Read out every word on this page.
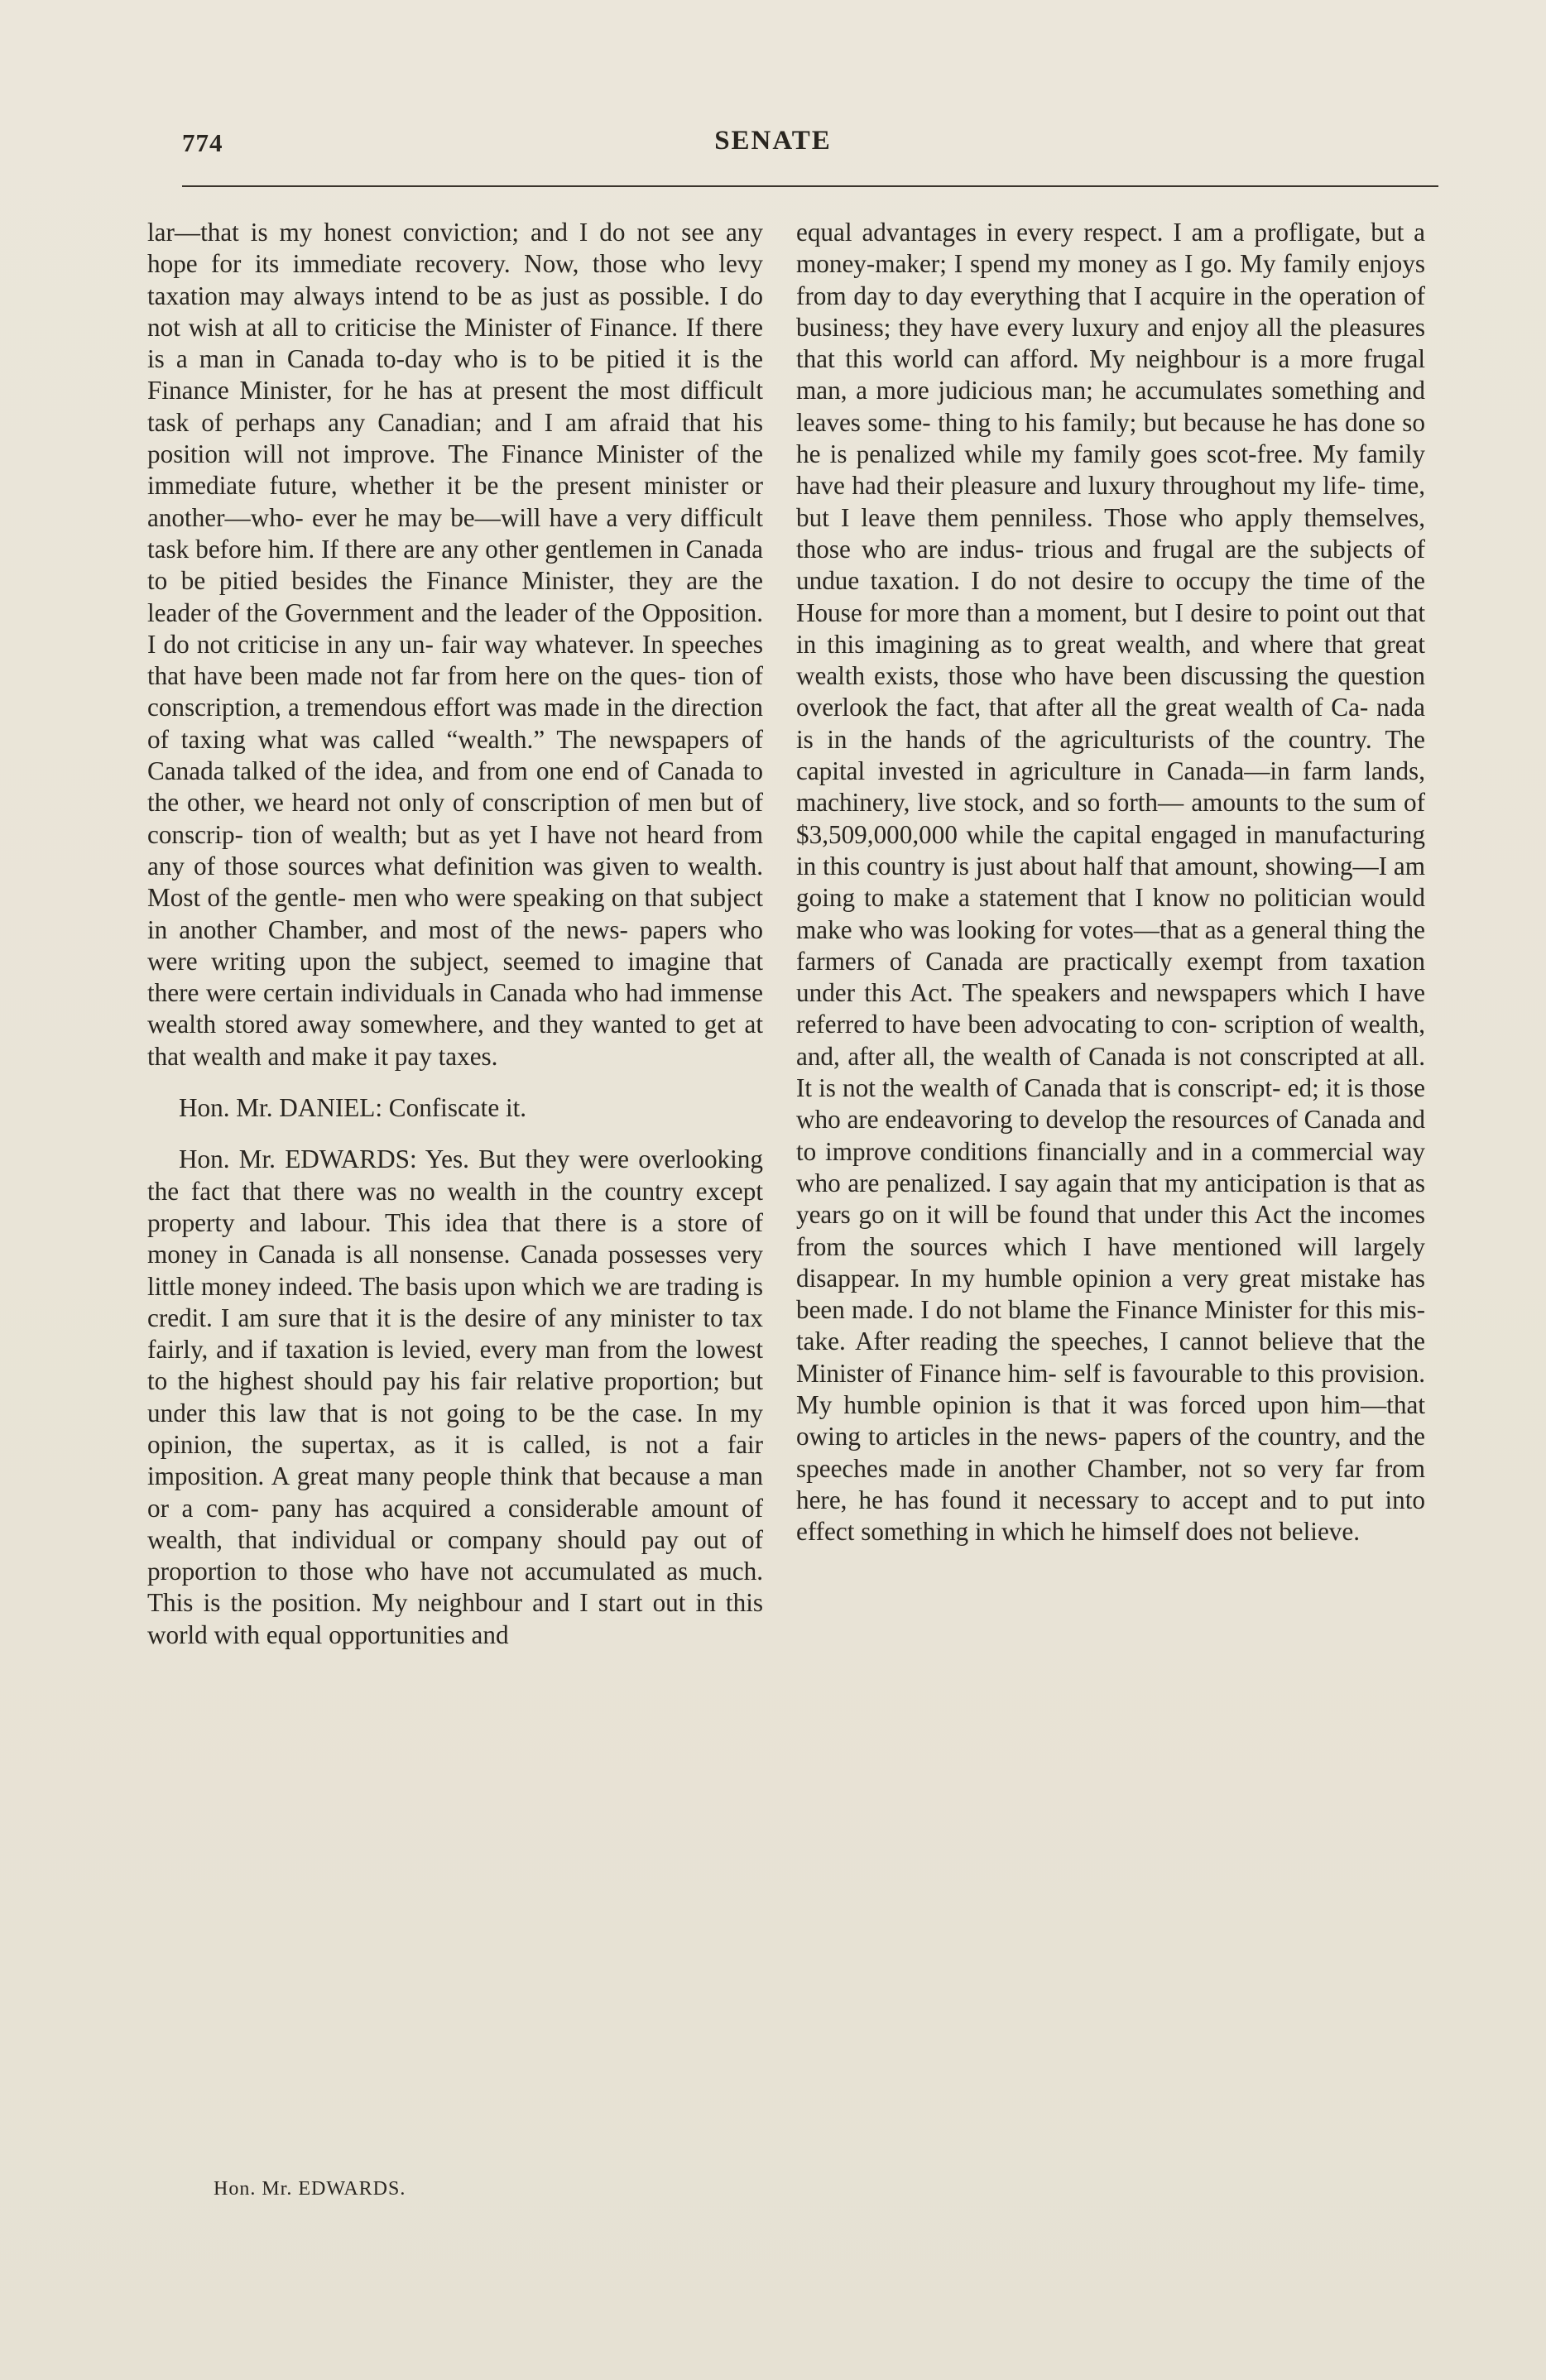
774	SENATE

lar—that is my honest conviction; and I do not see any hope for its immediate recovery. Now, those who levy taxation may always intend to be as just as possible. I do not wish at all to criticise the Minister of Finance. If there is a man in Canada to-day who is to be pitied it is the Finance Minister, for he has at present the most difficult task of perhaps any Canadian; and I am afraid that his position will not improve. The Finance Minister of the immediate future, whether it be the present minister or another—who- ever he may be—will have a very difficult task before him. If there are any other gentlemen in Canada to be pitied besides the Finance Minister, they are the leader of the Government and the leader of the Opposition. I do not criticise in any un- fair way whatever. In speeches that have been made not far from here on the ques- tion of conscription, a tremendous effort was made in the direction of taxing what was called “wealth.” The newspapers of Canada talked of the idea, and from one end of Canada to the other, we heard not only of conscription of men but of conscrip- tion of wealth; but as yet I have not heard from any of those sources what definition was given to wealth. Most of the gentle- men who were speaking on that subject in another Chamber, and most of the news- papers who were writing upon the subject, seemed to imagine that there were certain individuals in Canada who had immense wealth stored away somewhere, and they wanted to get at that wealth and make it pay taxes.

Hon. Mr. DANIEL: Confiscate it.

Hon. Mr. EDWARDS: Yes. But they were overlooking the fact that there was no wealth in the country except property and labour. This idea that there is a store of money in Canada is all nonsense. Canada possesses very little money indeed. The basis upon which we are trading is credit. I am sure that it is the desire of any minister to tax fairly, and if taxation is levied, every man from the lowest to the highest should pay his fair relative proportion; but under this law that is not going to be the case. In my opinion, the supertax, as it is called, is not a fair imposition. A great many people think that because a man or a com- pany has acquired a considerable amount of wealth, that individual or company should pay out of proportion to those who have not accumulated as much. This is the position. My neighbour and I start out in this world with equal opportunities and

equal advantages in every respect. I am a profligate, but a money-maker; I spend my money as I go. My family enjoys from day to day everything that I acquire in the operation of business; they have every luxury and enjoy all the pleasures that this world can afford. My neighbour is a more frugal man, a more judicious man; he accumulates something and leaves some- thing to his family; but because he has done so he is penalized while my family goes scot-free. My family have had their pleasure and luxury throughout my life- time, but I leave them penniless. Those who apply themselves, those who are indus- trious and frugal are the subjects of undue taxation. I do not desire to occupy the time of the House for more than a moment, but I desire to point out that in this imagining as to great wealth, and where that great wealth exists, those who have been discussing the question overlook the fact, that after all the great wealth of Ca- nada is in the hands of the agriculturists of the country. The capital invested in agriculture in Canada—in farm lands, machinery, live stock, and so forth— amounts to the sum of $3,509,000,000 while the capital engaged in manufacturing in this country is just about half that amount, showing—I am going to make a statement that I know no politician would make who was looking for votes—that as a general thing the farmers of Canada are practically exempt from taxation under this Act. The speakers and newspapers which I have referred to have been advocating to con- scription of wealth, and, after all, the wealth of Canada is not conscripted at all. It is not the wealth of Canada that is conscript- ed; it is those who are endeavoring to develop the resources of Canada and to improve conditions financially and in a commercial way who are penalized. I say again that my anticipation is that as years go on it will be found that under this Act the incomes from the sources which I have mentioned will largely disappear. In my humble opinion a very great mistake has been made. I do not blame the Finance Minister for this mis- take. After reading the speeches, I cannot believe that the Minister of Finance him- self is favourable to this provision. My humble opinion is that it was forced upon him—that owing to articles in the news- papers of the country, and the speeches made in another Chamber, not so very far from here, he has found it necessary to accept and to put into effect something in which he himself does not believe.

Hon. Mr. EDWARDS.
